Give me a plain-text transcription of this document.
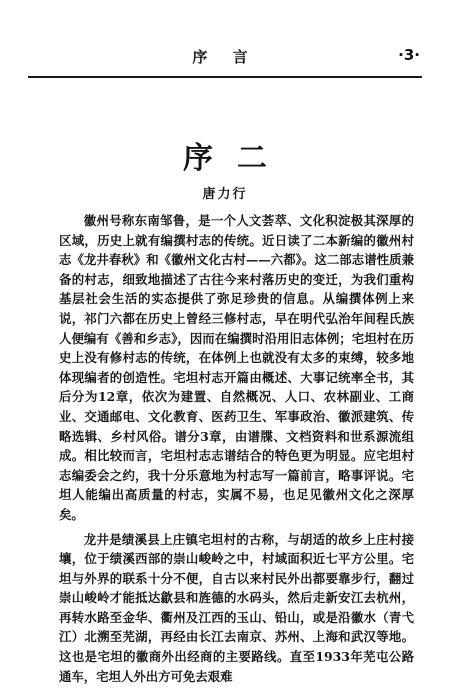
序 言	·3·
序二
唐力行

徽州号称东南邹鲁，是一个人文荟萃、文化积淀极其深厚的区域，历史上就有编撰村志的传统。近日读了二本新编的徽州村志《龙井春秋》和《徽州文化古村——六都》。这二部志谱性质兼备的村志，细致地描述了古往今来村落历史的变迁，为我们重构基层社会生活的实态提供了弥足珍贵的信息。从编撰体例上来说，祁门六都在历史上曾经三修村志，早在明代弘治年间程氏族人便编有《善和乡志》，因而在编撰时沿用旧志体例；宅坦村在历史上没有修村志的传统，在体例上也就没有太多的束缚，较多地体现编者的创造性。宅坦村志开篇由概述、大事记统率全书，其后分为12章，依次为建置、自然概况、人口、农林副业、工商业、交通邮电、文化教育、医药卫生、军事政治、徽派建筑、传略选辑、乡村风俗。谱分3章，由谱牒、文档资料和世系源流组成。相比较而言，宅坦村志志谱结合的特色更为明显。应宅坦村志编委会之约，我十分乐意地为村志写一篇前言，略事评说。宅坦人能编出高质量的村志，实属不易，也足见徽州文化之深厚矣。

龙井是绩溪县上庄镇宅坦村的古称，与胡适的故乡上庄村接壤，位于绩溪西部的崇山峻岭之中，村域面积近七平方公里。宅坦与外界的联系十分不便，自古以来村民外出都要靠步行，翻过崇山峻岭才能抵达歙县和旌德的水码头，然后走新安江去杭州，再转水路至金华、衢州及江西的玉山、铅山，或是沿徽水（青弋江）北溯至芜湖，再经由长江去南京、苏州、上海和武汉等地。这也是宅坦的徽商外出经商的主要路线。直至1933年芜屯公路通车，宅坦人外出方可免去艰难
